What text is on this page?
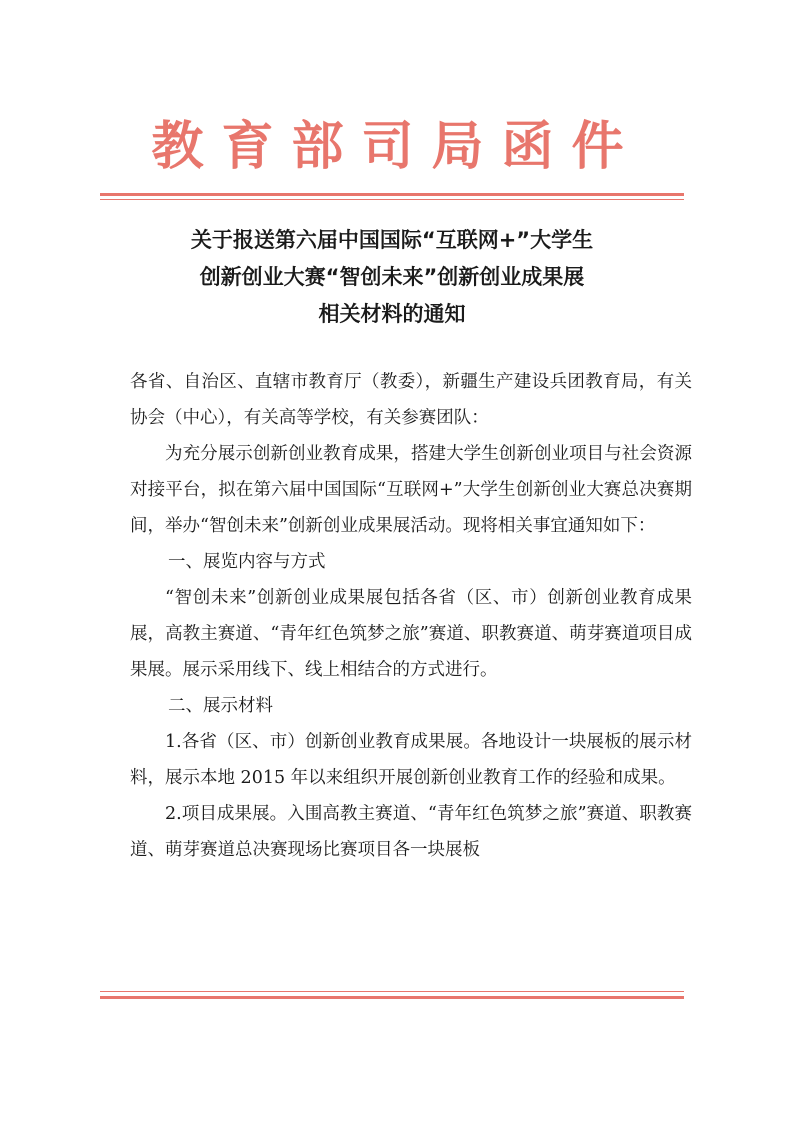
教育部司局函件
关于报送第六届中国国际“互联网+”大学生
创新创业大赛“智创未来”创新创业成果展
相关材料的通知

各省、自治区、直辖市教育厅（教委），新疆生产建设兵团教育局，有关协会（中心），有关高等学校，有关参赛团队：

为充分展示创新创业教育成果，搭建大学生创新创业项目与社会资源对接平台，拟在第六届中国国际“互联网+”大学生创新创业大赛总决赛期间，举办“智创未来”创新创业成果展活动。现将相关事宜通知如下：

一、展览内容与方式

“智创未来”创新创业成果展包括各省（区、市）创新创业教育成果展，高教主赛道、“青年红色筑梦之旅”赛道、职教赛道、萌芽赛道项目成果展。展示采用线下、线上相结合的方式进行。

二、展示材料

1.各省（区、市）创新创业教育成果展。各地设计一块展板的展示材料，展示本地 2015 年以来组织开展创新创业教育工作的经验和成果。

2.项目成果展。入围高教主赛道、“青年红色筑梦之旅”赛道、职教赛道、萌芽赛道总决赛现场比赛项目各一块展板
